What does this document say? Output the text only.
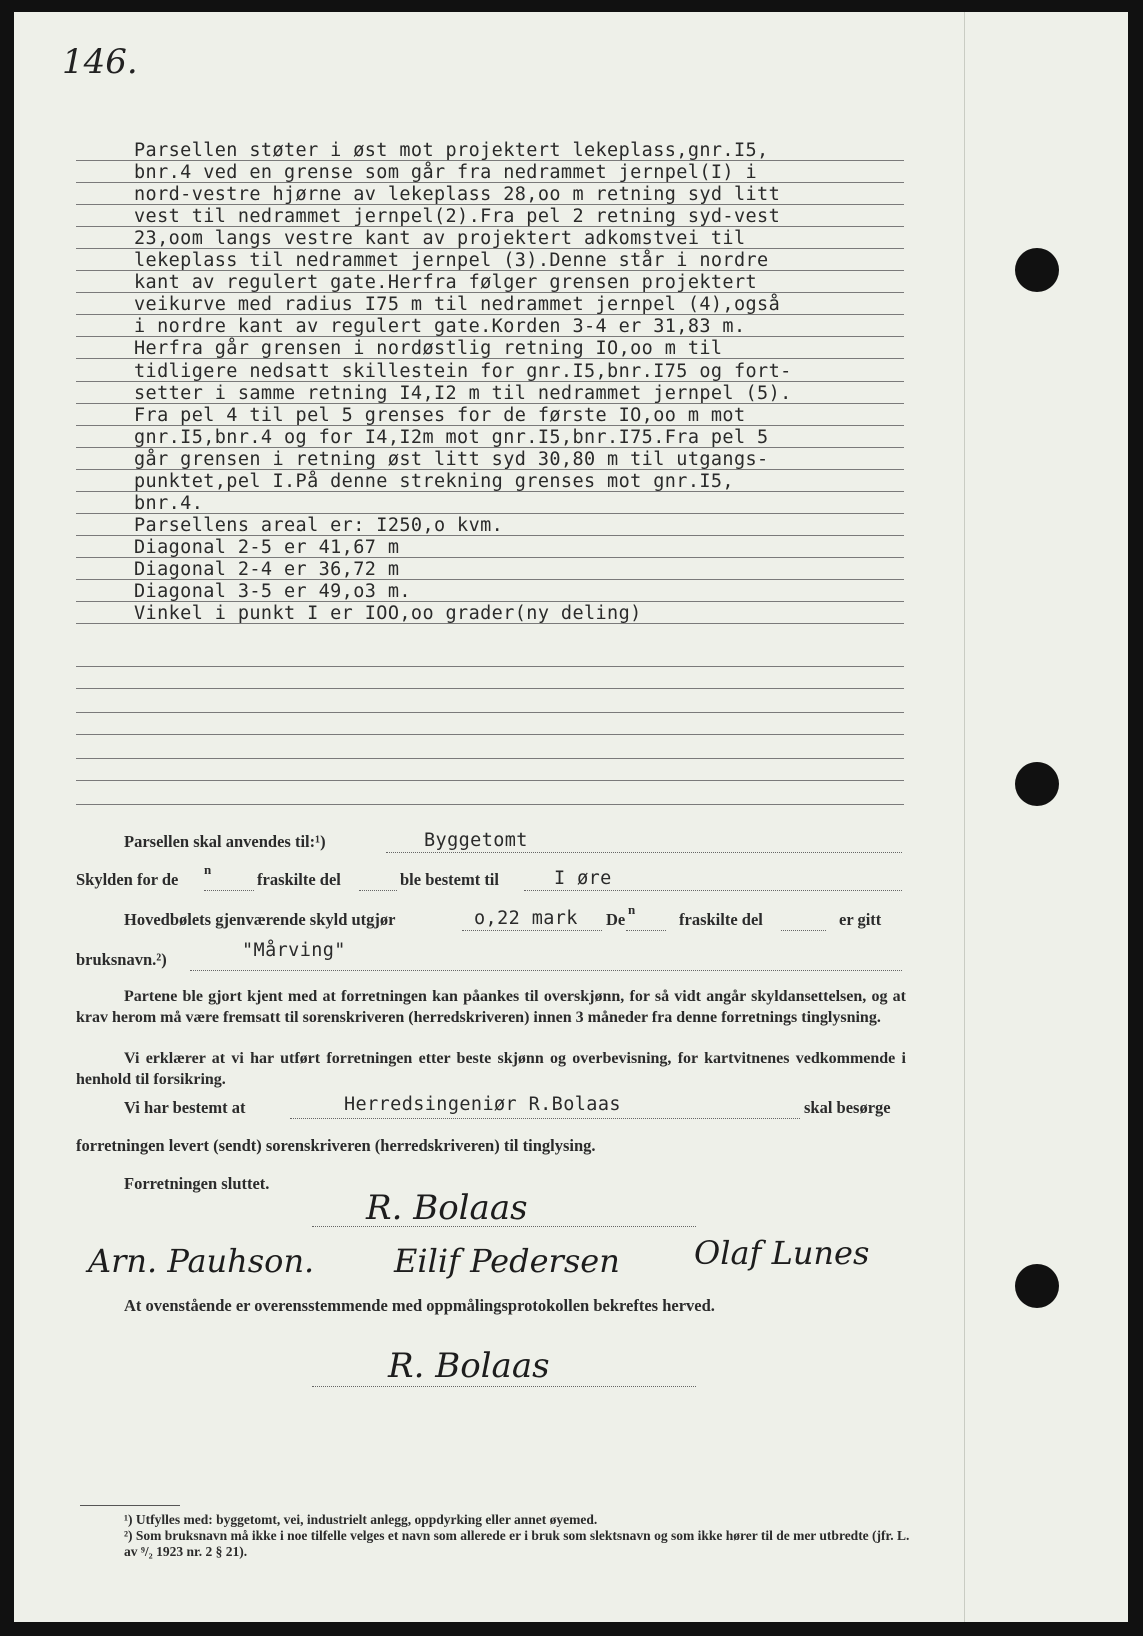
146.
Parsellen støter i øst mot projektert lekeplass,gnr.I5,
bnr.4 ved en grense som går fra nedrammet jernpel(I) i
nord-vestre hjørne av lekeplass 28,oo m retning syd litt
vest til nedrammet jernpel(2).Fra pel 2 retning syd-vest
23,oom langs vestre kant av projektert adkomstvei til
lekeplass til nedrammet jernpel (3).Denne står i nordre
kant av regulert gate.Herfra følger grensen projektert
veikurve med radius I75 m til nedrammet jernpel (4),også
i nordre kant av regulert gate.Korden 3-4 er 31,83 m.
Herfra går grensen i nordøstlig retning IO,oo m til
tidligere nedsatt skillestein for gnr.I5,bnr.I75 og fort-
setter i samme retning I4,I2 m til nedrammet jernpel (5).
Fra pel 4 til pel 5 grenses for de første IO,oo m mot
gnr.I5,bnr.4 og for I4,I2m mot gnr.I5,bnr.I75.Fra pel 5
går grensen i retning øst litt syd 30,80 m til utgangs-
punktet,pel I.På denne strekning grenses mot gnr.I5,
bnr.4.
Parsellens areal er: I250,o kvm.
Diagonal 2-5 er 41,67 m
Diagonal 2-4 er 36,72 m
Diagonal 3-5 er 49,o3 m.
Vinkel i punkt I er IOO,oo grader(ny deling)
Parsellen skal anvendes til:¹)	Byggetomt
Skylden for de
n
fraskilte del	ble bestemt til	I øre
Hovedbølets gjenværende skyld utgjør	o,22 mark De
n
fraskilte del	er gitt
bruksnavn.²)	"Mårving"
Partene ble gjort kjent med at forretningen kan påankes til overskjønn, for så vidt angår skyldansettelsen, og at krav herom må være fremsatt til sorenskriveren (herredskriveren) innen 3 måneder fra denne forretnings tinglysning.
Vi erklærer at vi har utført forretningen etter beste skjønn og overbevisning, for kartvitnenes vedkommende i henhold til forsikring.
Vi har bestemt at	Herredsingeniør R.Bolaas	skal besørge
forretningen levert (sendt) sorenskriveren (herredskriveren) til tinglysing.
Forretningen sluttet.
R. Bolaas
Arn. Pauhson. Eilif Pedersen Olaf Lunes
At ovenstående er overensstemmende med oppmålingsprotokollen bekreftes herved.
R. Bolaas
¹) Utfylles med: byggetomt, vei, industrielt anlegg, oppdyrking eller annet øyemed.
²) Som bruksnavn må ikke i noe tilfelle velges et navn som allerede er i bruk som slektsnavn og som ikke hører til de mer utbredte (jfr. L. av ⁹/₂ 1923 nr. 2 § 21).
